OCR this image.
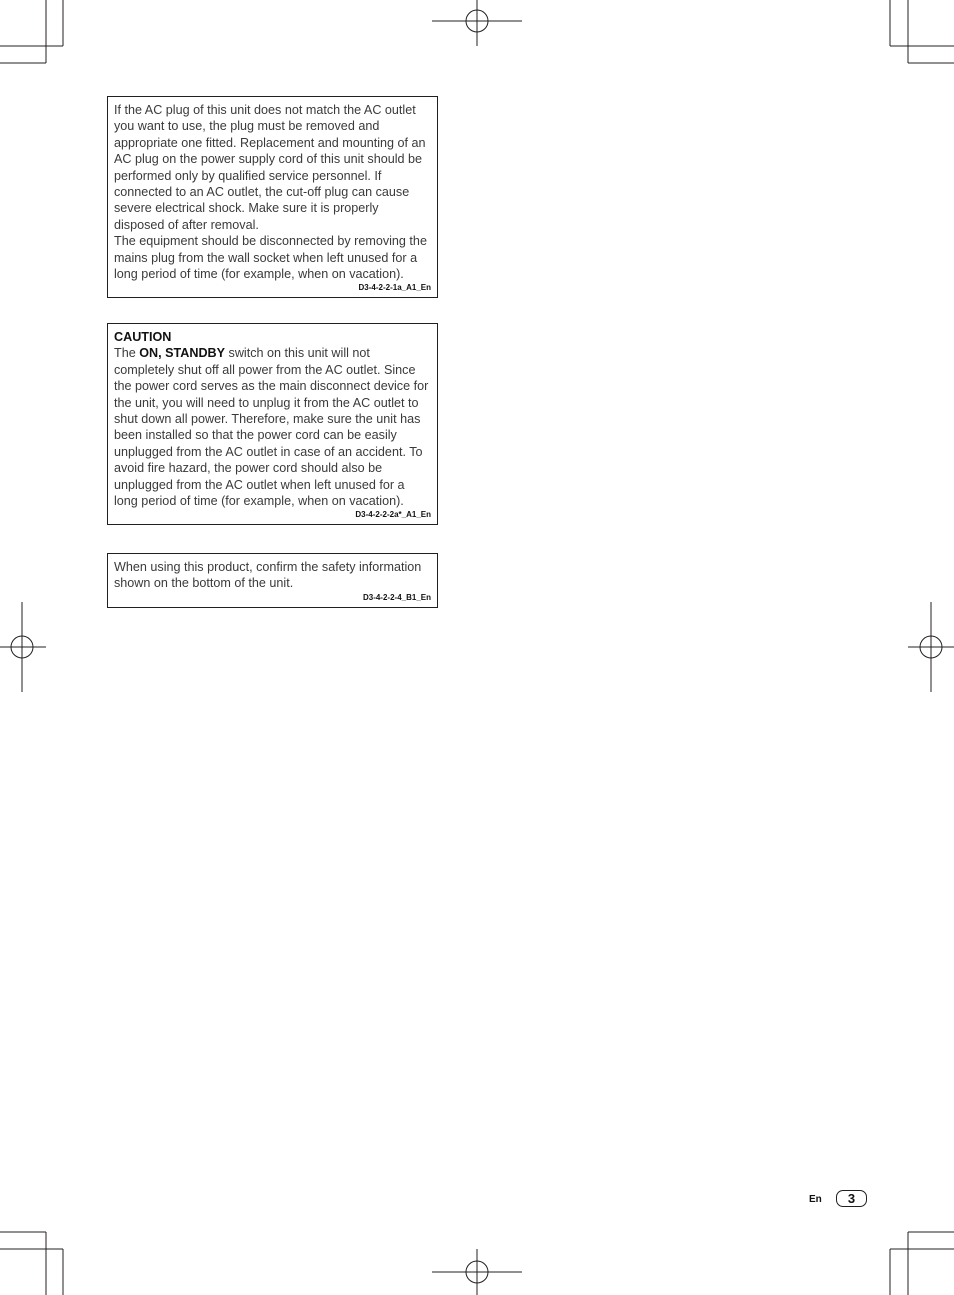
If the AC plug of this unit does not match the AC outlet you want to use, the plug must be removed and appropriate one fitted. Replacement and mounting of an AC plug on the power supply cord of this unit should be performed only by qualified service personnel. If connected to an AC outlet, the cut-off plug can cause severe electrical shock. Make sure it is properly disposed of after removal.

The equipment should be disconnected by removing the mains plug from the wall socket when left unused for a long period of time (for example, when on vacation).

D3-4-2-2-1a_A1_En

CAUTION

The ON, STANDBY switch on this unit will not completely shut off all power from the AC outlet. Since the power cord serves as the main disconnect device for the unit, you will need to unplug it from the AC outlet to shut down all power. Therefore, make sure the unit has been installed so that the power cord can be easily unplugged from the AC outlet in case of an accident. To avoid fire hazard, the power cord should also be unplugged from the AC outlet when left unused for a long period of time (for example, when on vacation).

D3-4-2-2-2a*_A1_En

When using this product, confirm the safety information shown on the bottom of the unit.

D3-4-2-2-4_B1_En
En	3
